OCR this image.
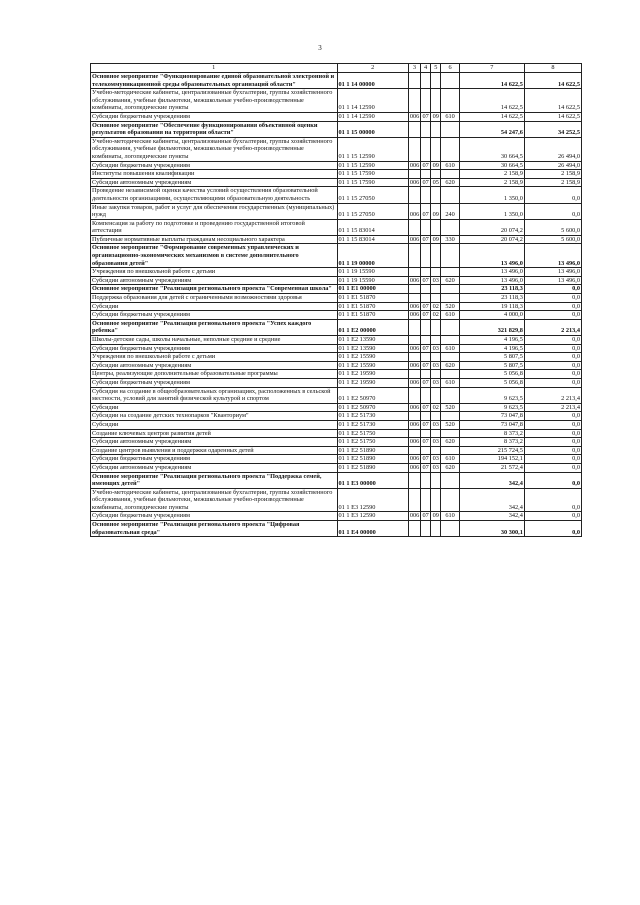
3
1	2	3	4	5	6	7	8
Основное мероприятие "Функционирование единой образовательной электронной и телекоммуникационной среды образовательных организаций области"	01 1 14 00000					14 622,5	14 622,5
Учебно-методические кабинеты, централизованные бухгалтерии, группы хозяйственного обслуживания, учебные фильмотеки, межшкольные учебно-производственные комбинаты, логопедические пункты	01 1 14 12590					14 622,5	14 622,5
Субсидии бюджетным учреждениям	01 1 14 12590	006	07	09	610	14 622,5	14 622,5
Основное мероприятие "Обеспечение функционирования объективной оценки результатов образования на территории области"	01 1 15 00000					54 247,6	34 252,5
Учебно-методические кабинеты, централизованные бухгалтерии, группы хозяйственного обслуживания, учебные фильмотеки, межшкольные учебно-производственные комбинаты, логопедические пункты	01 1 15 12590					30 664,5	26 494,0
Субсидии бюджетным учреждениям	01 1 15 12590	006	07	09	610	30 664,5	26 494,0
Институты повышения квалификации	01 1 15 17590					2 158,9	2 158,9
Субсидии автономным учреждениям	01 1 15 17590	006	07	05	620	2 158,9	2 158,9
Проведение независимой оценки качества условий осуществления образовательной деятельности организациями, осуществляющими образовательную деятельность	01 1 15 27050					1 350,0	0,0
Иные закупки товаров, работ и услуг для обеспечения государственных (муниципальных) нужд	01 1 15 27050	006	07	09	240	1 350,0	0,0
Компенсация за работу по подготовке и проведению государственной итоговой аттестации	01 1 15 83014					20 074,2	5 600,0
Публичные нормативные выплаты гражданам несоциального характера	01 1 15 83014	006	07	09	330	20 074,2	5 600,0
Основное мероприятие "Формирование современных управленческих и организационно-экономических механизмов в системе дополнительного образования детей"	01 1 19 00000					13 496,0	13 496,0
Учреждения по внешкольной работе с детьми	01 1 19 15590					13 496,0	13 496,0
Субсидии автономным учреждениям	01 1 19 15590	006	07	03	620	13 496,0	13 496,0
Основное мероприятие "Реализация регионального проекта "Современная школа"	01 1 E1 00000					23 118,3	0,0
Поддержка образования для детей с ограниченными возможностями здоровья	01 1 E1 51870					23 118,3	0,0
Субсидии	01 1 E1 51870	006	07	02	520	19 118,3	0,0
Субсидии бюджетным учреждениям	01 1 E1 51870	006	07	02	610	4 000,0	0,0
Основное мероприятие "Реализация регионального проекта "Успех каждого ребенка"	01 1 E2 00000					321 829,8	2 213,4
Школы-детские сады, школы начальные, неполные средние и средние	01 1 E2 13590					4 196,5	0,0
Субсидии бюджетным учреждениям	01 1 E2 13590	006	07	03	610	4 196,5	0,0
Учреждения по внешкольной работе с детьми	01 1 E2 15590					5 807,5	0,0
Субсидии автономным учреждениям	01 1 E2 15590	006	07	03	620	5 807,5	0,0
Центры, реализующие дополнительные образовательные программы	01 1 E2 19590					5 056,8	0,0
Субсидии бюджетным учреждениям	01 1 E2 19590	006	07	03	610	5 056,8	0,0
Субсидия на создание в общеобразовательных организациях, расположенных в сельской местности, условий для занятий физической культурой и спортом	01 1 E2 50970					9 623,5	2 213,4
Субсидии	01 1 E2 50970	006	07	02	520	9 623,5	2 213,4
Субсидии на создание детских технопарков "Кванториум"	01 1 E2 51730					73 047,8	0,0
Субсидии	01 1 E2 51730	006	07	03	520	73 047,8	0,0
Создание ключевых центров развития детей	01 1 E2 51750					8 373,2	0,0
Субсидии автономным учреждениям	01 1 E2 51750	006	07	03	620	8 373,2	0,0
Создание центров выявления и поддержки одаренных детей	01 1 E2 51890					215 724,5	0,0
Субсидии бюджетным учреждениям	01 1 E2 51890	006	07	03	610	194 152,1	0,0
Субсидии автономным учреждениям	01 1 E2 51890	006	07	03	620	21 572,4	0,0
Основное мероприятие "Реализация регионального проекта "Поддержка семей, имеющих детей"	01 1 E3 00000					342,4	0,0
Учебно-методические кабинеты, централизованные бухгалтерии, группы хозяйственного обслуживания, учебные фильмотеки, межшкольные учебно-производственные комбинаты, логопедические пункты	01 1 E3 12590					342,4	0,0
Субсидии бюджетным учреждениям	01 1 E3 12590	006	07	09	610	342,4	0,0
Основное мероприятие "Реализация регионального проекта "Цифровая образовательная среда"	01 1 E4 00000					30 300,1	0,0
